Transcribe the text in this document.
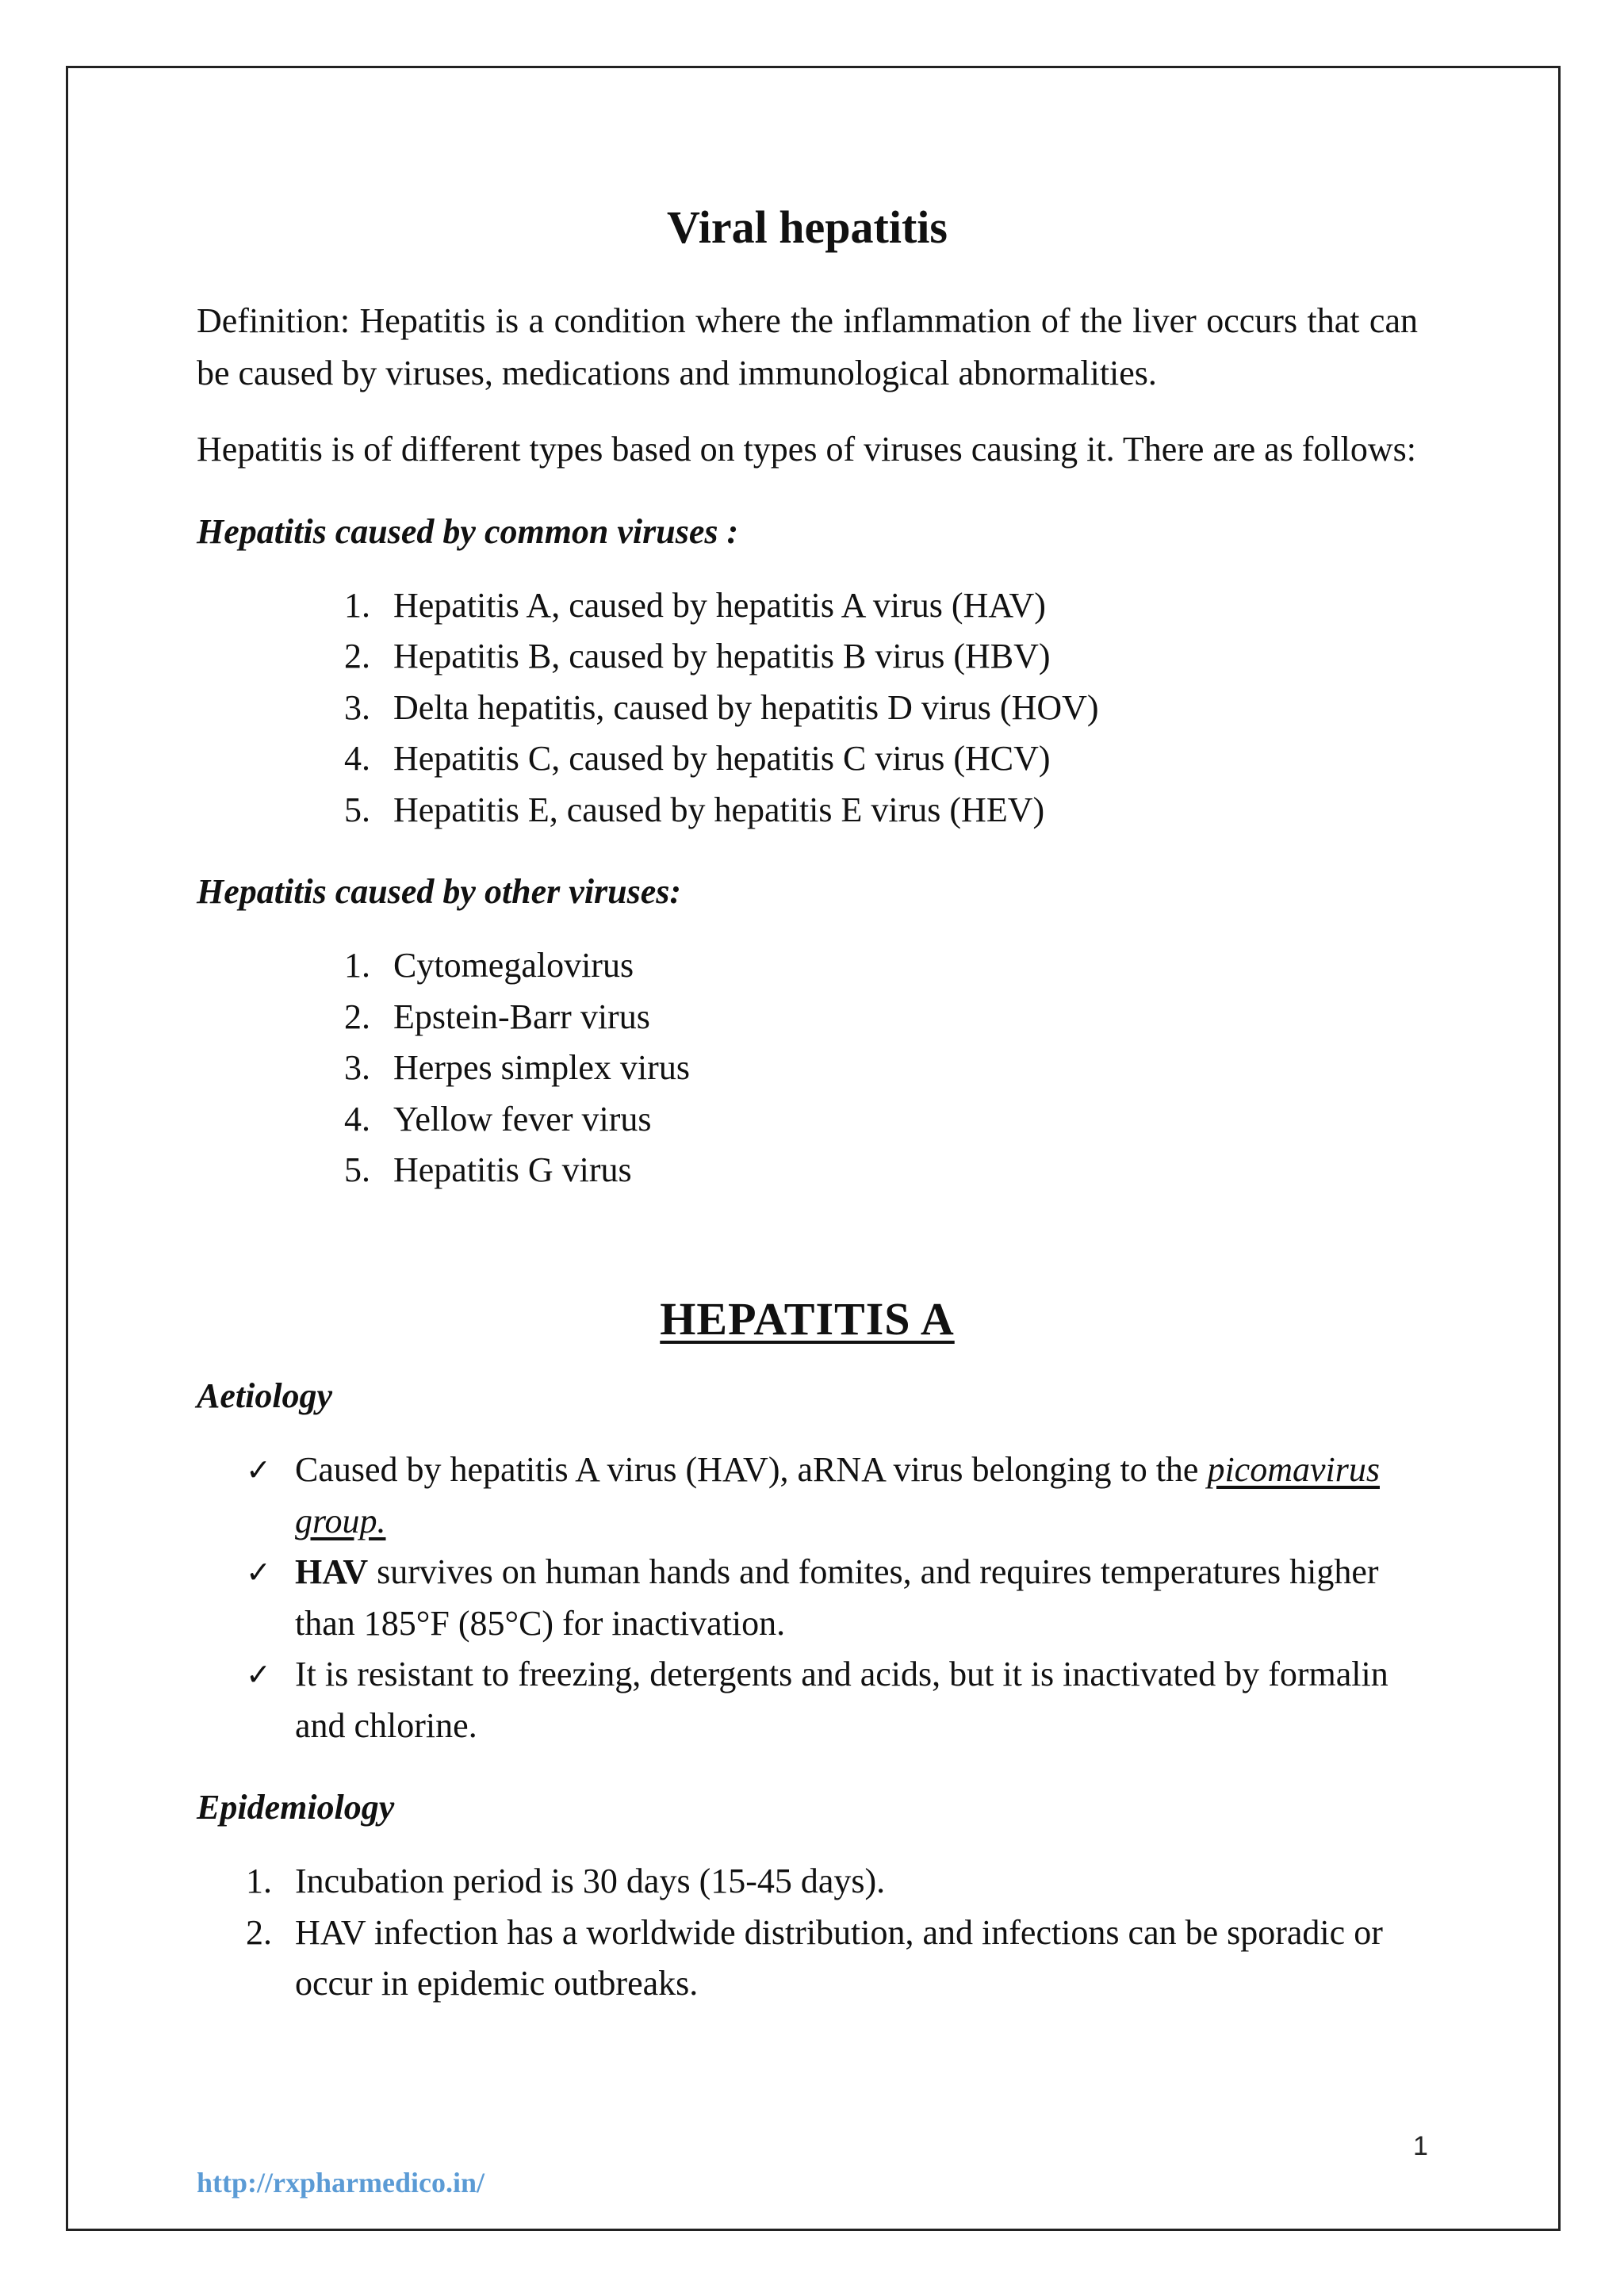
Viral hepatitis

Definition: Hepatitis is a condition where the inflammation of the liver occurs that can be caused by viruses, medications and immunological abnormalities.

Hepatitis is of different types based on types of viruses causing it. There are as follows:

Hepatitis caused by common viruses :
1. Hepatitis A, caused by hepatitis A virus (HAV)
2. Hepatitis B, caused by hepatitis B virus (HBV)
3. Delta hepatitis, caused by hepatitis D virus (HOV)
4. Hepatitis C, caused by hepatitis C virus (HCV)
5. Hepatitis E, caused by hepatitis E virus (HEV)
Hepatitis caused by other viruses:
1. Cytomegalovirus
2. Epstein-Barr virus
3. Herpes simplex virus
4. Yellow fever virus
5. Hepatitis G virus
HEPATITIS A
Aetiology
✓ Caused by hepatitis A virus (HAV), aRNA virus belonging to the picomavirus group.
✓ HAV survives on human hands and fomites, and requires temperatures higher than 185°F (85°C) for inactivation.
✓ It is resistant to freezing, detergents and acids, but it is inactivated by formalin and chlorine.
Epidemiology
1. Incubation period is 30 days (15-45 days).
2. HAV infection has a worldwide distribution, and infections can be sporadic or occur in epidemic outbreaks.
1
http://rxpharmedico.in/
